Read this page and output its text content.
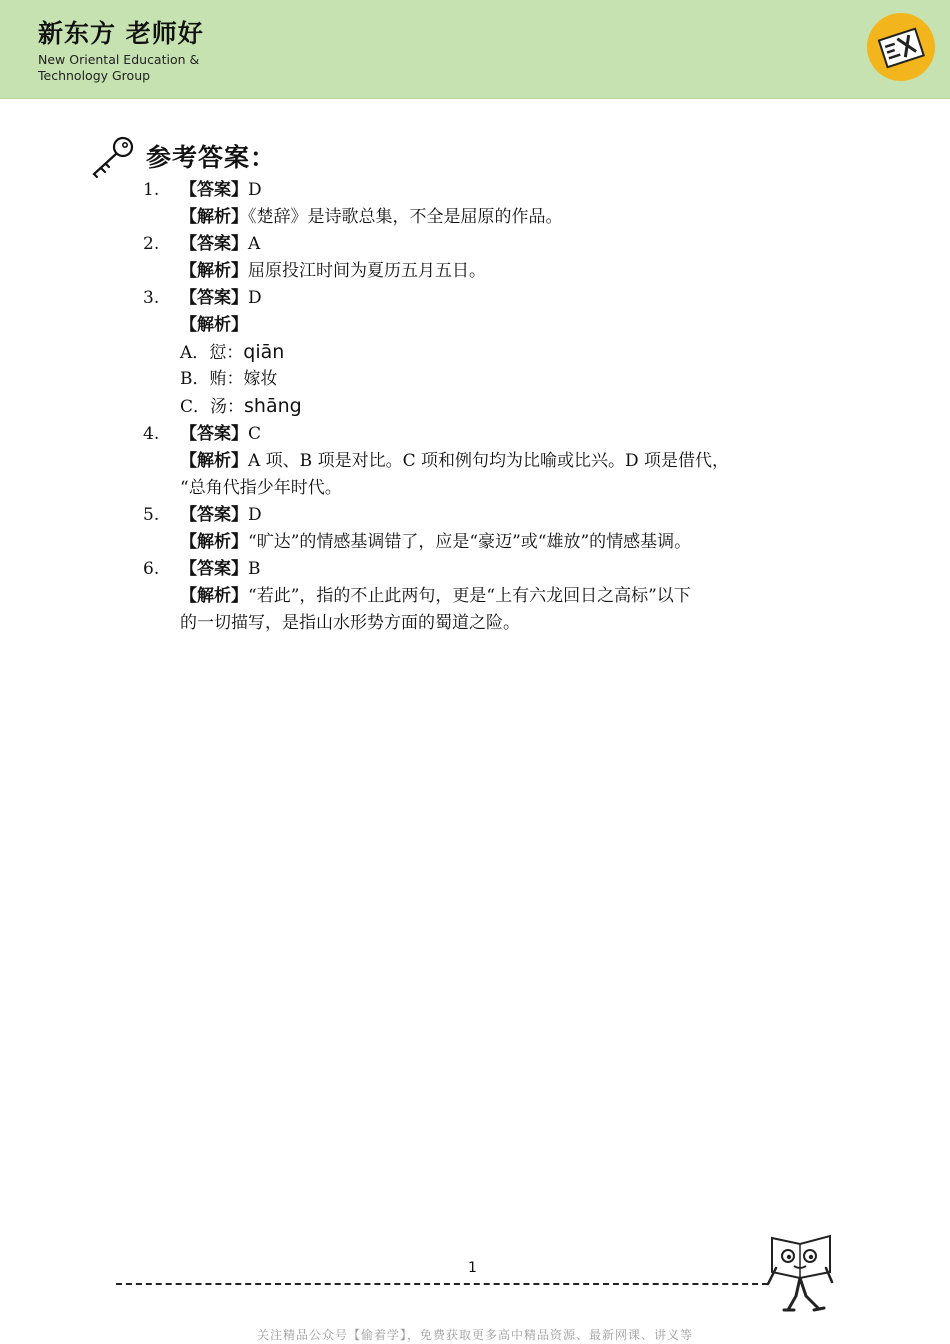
新东方 老师好
New Oriental Education &
Technology Group
参考答案：
1. 【答案】D
【解析】《楚辞》是诗歌总集，不全是屈原的作品。
2. 【答案】A
【解析】屈原投江时间为夏历五月五日。
3. 【答案】D
【解析】
A．愆：qiān
B．贿：嫁妆
C．汤：shāng
4. 【答案】C
【解析】A 项、B 项是对比。C 项和例句均为比喻或比兴。D 项是借代，
“总角代指少年时代。
5. 【答案】D
【解析】“旷达”的情感基调错了，应是“豪迈”或“雄放”的情感基调。
6. 【答案】B
【解析】“若此”，指的不止此两句，更是“上有六龙回日之高标”以下
的一切描写，是指山水形势方面的蜀道之险。
1
关注精品公众号【偷着学】，免费获取更多高中精品资源、最新网课、讲义等
